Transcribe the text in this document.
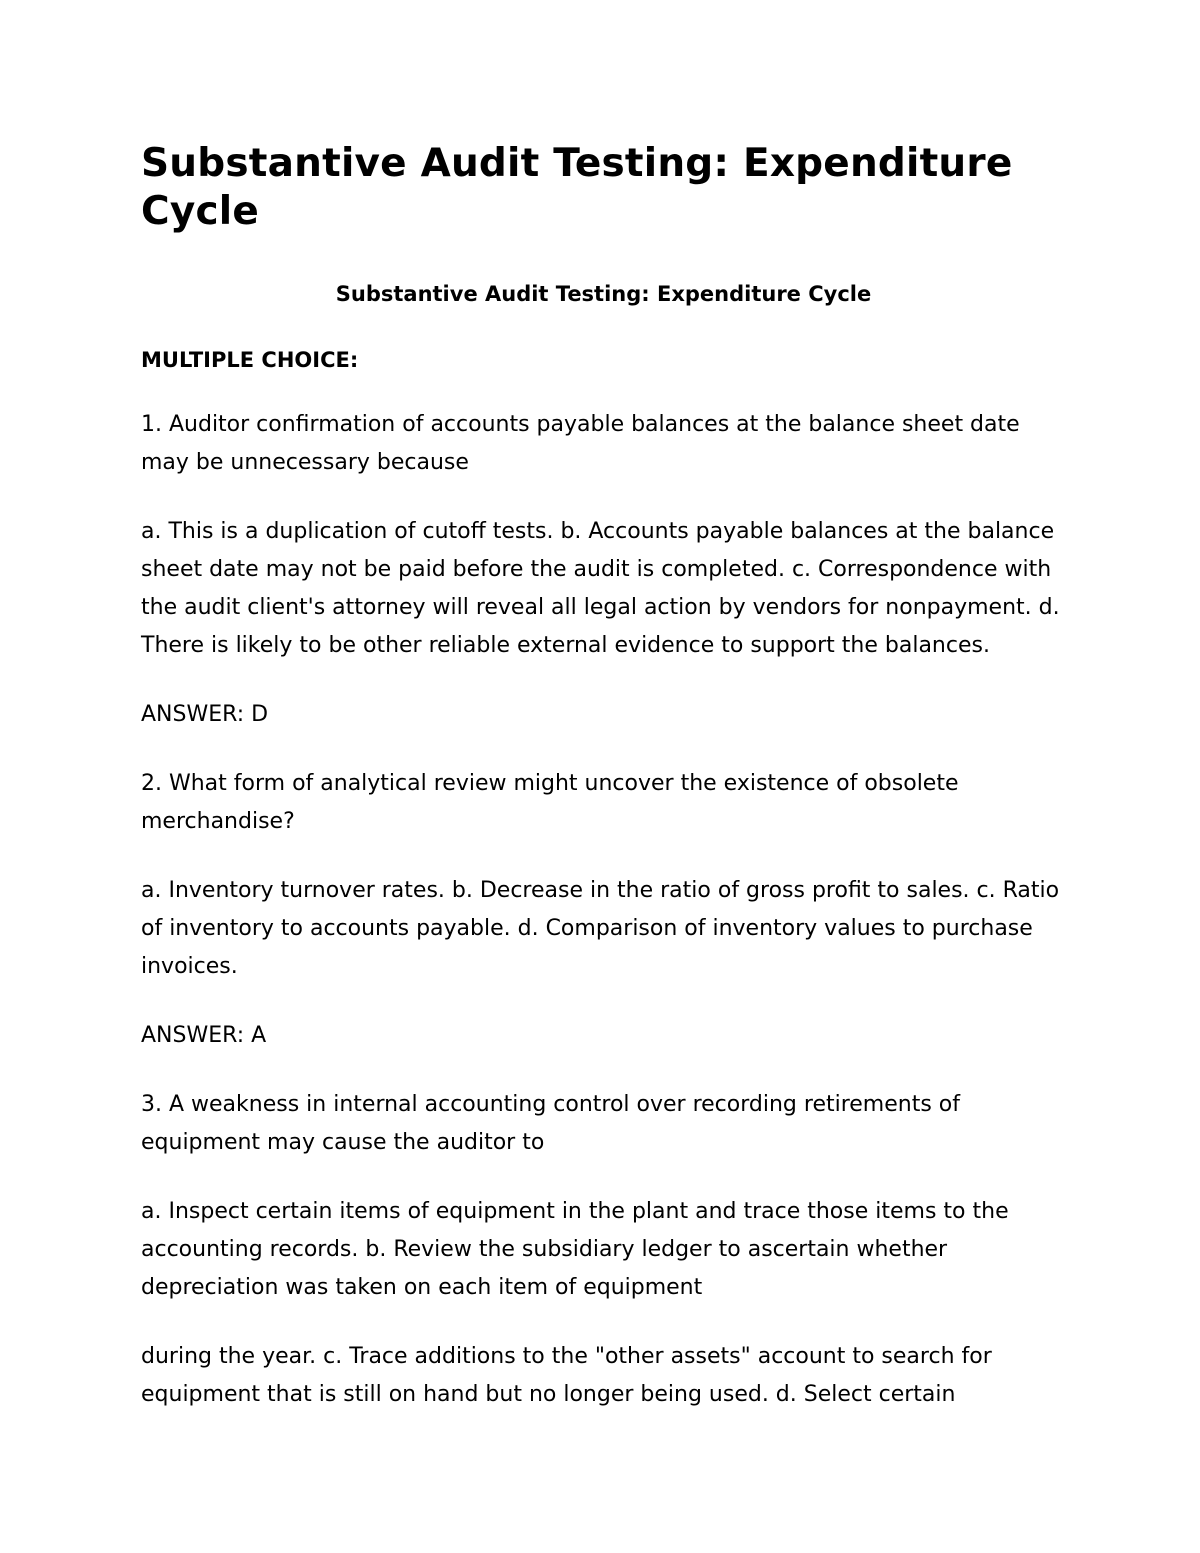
Substantive Audit Testing: Expenditure Cycle
Substantive Audit Testing: Expenditure Cycle
MULTIPLE CHOICE:

1. Auditor confirmation of accounts payable balances at the balance sheet date may be unnecessary because

a. This is a duplication of cutoff tests. b. Accounts payable balances at the balance sheet date may not be paid before the audit is completed. c. Correspondence with the audit client's attorney will reveal all legal action by vendors for nonpayment. d. There is likely to be other reliable external evidence to support the balances.

ANSWER: D

2. What form of analytical review might uncover the existence of obsolete merchandise?

a. Inventory turnover rates. b. Decrease in the ratio of gross profit to sales. c. Ratio of inventory to accounts payable. d. Comparison of inventory values to purchase invoices.

ANSWER: A

3. A weakness in internal accounting control over recording retirements of equipment may cause the auditor to

a. Inspect certain items of equipment in the plant and trace those items to the accounting records. b. Review the subsidiary ledger to ascertain whether depreciation was taken on each item of equipment

during the year. c. Trace additions to the "other assets" account to search for equipment that is still on hand but no longer being used. d. Select certain
